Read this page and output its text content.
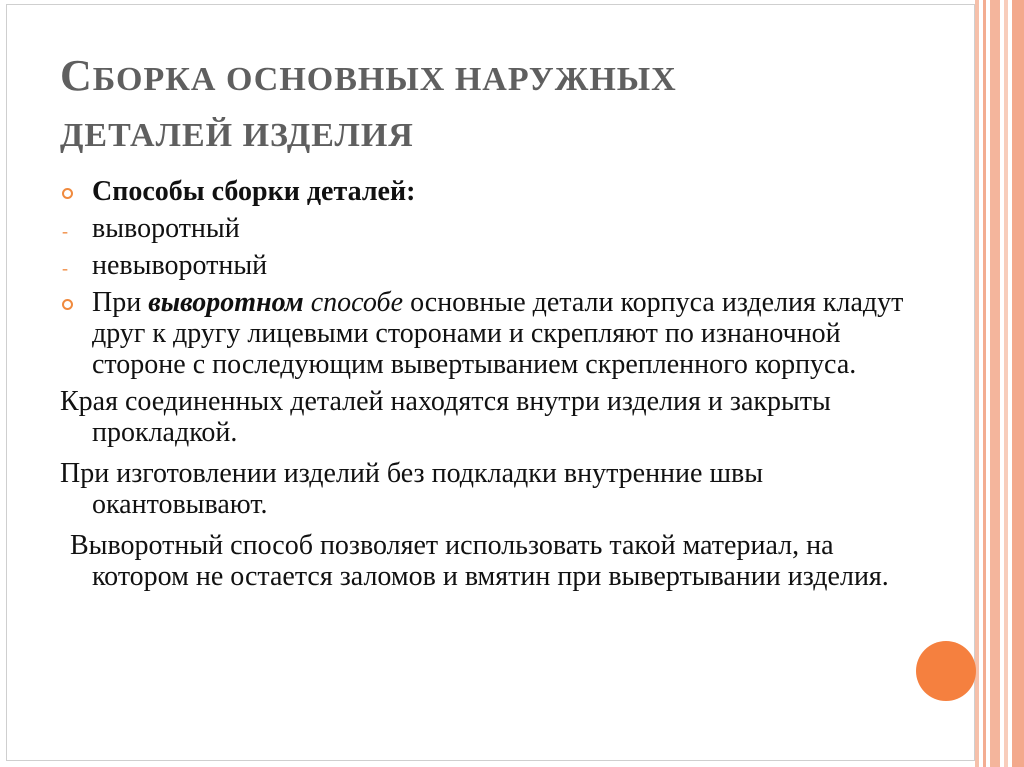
СБОРКА ОСНОВНЫХ НАРУЖНЫХ
ДЕТАЛЕЙ ИЗДЕЛИЯ
Способы сборки деталей:
- выворотный
- невыворотный
При выворотном способе основные детали корпуса изделия кладут друг к другу лицевыми сторонами и скрепляют по изнаночной стороне с последующим вывертыванием скрепленного корпуса.
Края соединенных деталей находятся внутри изделия и закрыты прокладкой.
При изготовлении изделий без подкладки внутренние швы окантовывают.
Выворотный способ позволяет использовать такой материал, на котором не остается заломов и вмятин при вывертывании изделия.
